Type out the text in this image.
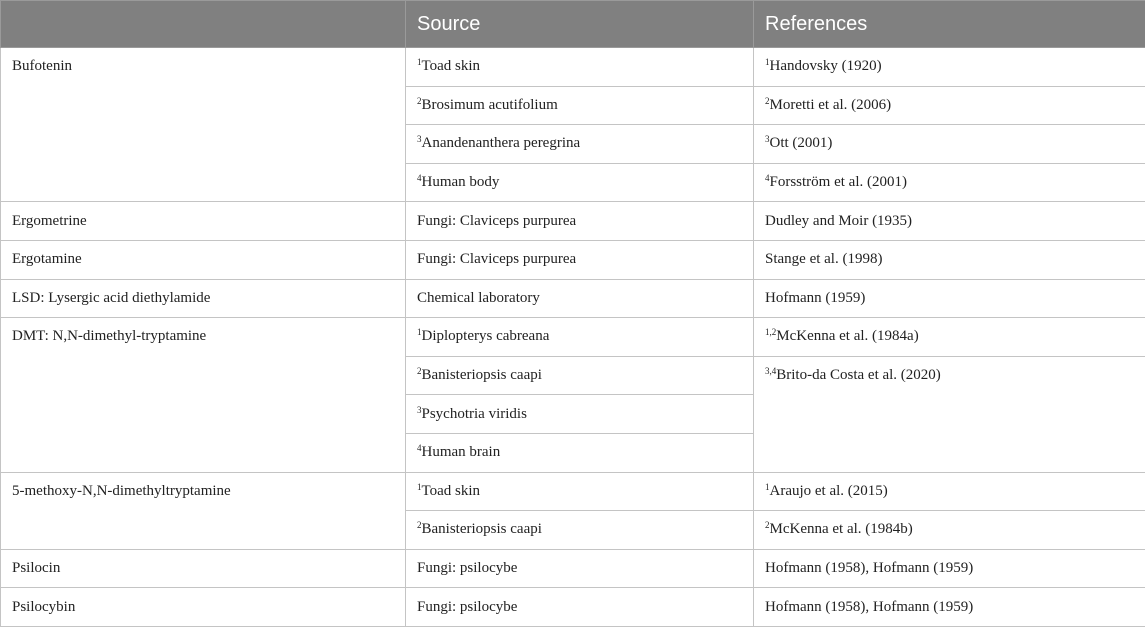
	Source	References
Bufotenin	$^1$Toad skin	$^1$Handovsky (1920)
	$^2$Brosimum acutifolium	$^2$Moretti et al. (2006)
	$^3$Anandenanthera peregrina	$^3$Ott (2001)
	$^4$Human body	$^4$Forsström et al. (2001)
Ergometrine	Fungi: Claviceps purpurea	Dudley and Moir (1935)
Ergotamine	Fungi: Claviceps purpurea	Stange et al. (1998)
LSD: Lysergic acid diethylamide	Chemical laboratory	Hofmann (1959)
DMT: N,N-dimethyl-tryptamine	$^1$Diplopterys cabreana	$^{1,2}$McKenna et al. (1984a)
	$^2$Banisteriopsis caapi	$^{3,4}$Brito-da Costa et al. (2020)
	$^3$Psychotria viridis	
	$^4$Human brain	
5-methoxy-N,N-dimethyltryptamine	$^1$Toad skin	$^1$Araujo et al. (2015)
	$^2$Banisteriopsis caapi	$^2$McKenna et al. (1984b)
Psilocin	Fungi: psilocybe	Hofmann (1958), Hofmann (1959)
Psilocybin	Fungi: psilocybe	Hofmann (1958), Hofmann (1959)
